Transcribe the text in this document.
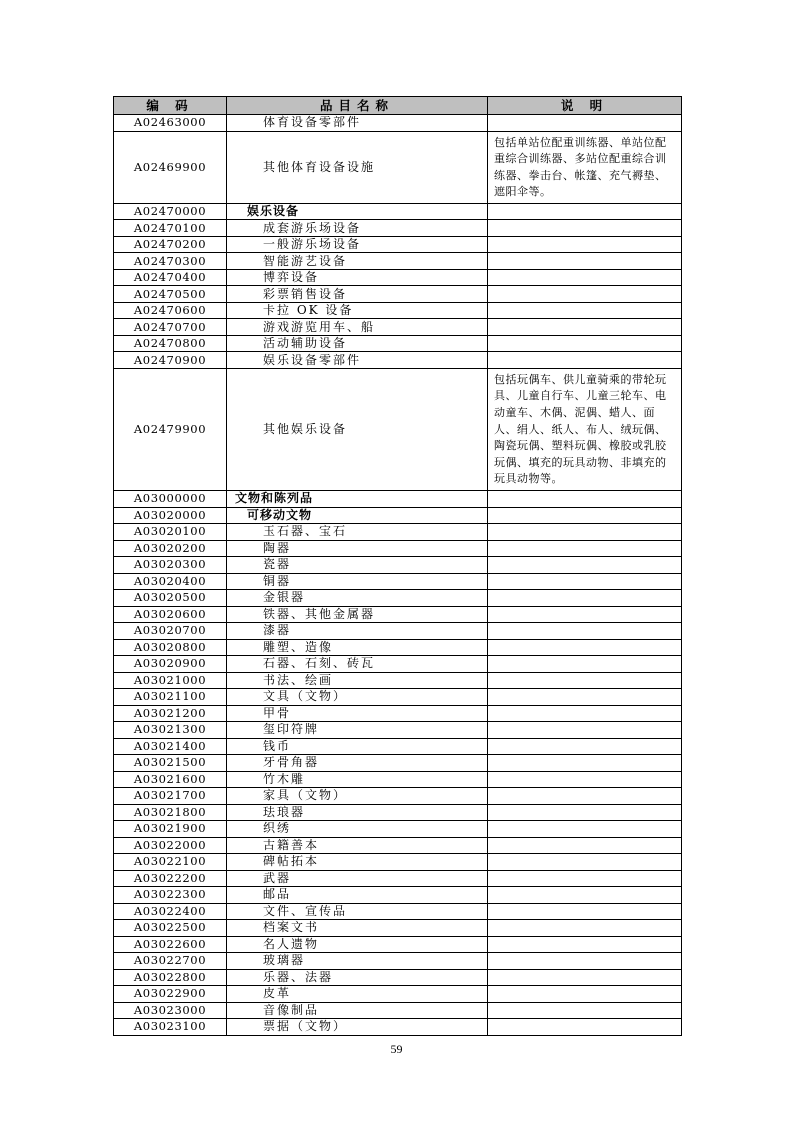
编 码	品目名称	说 明
A02463000	体育设备零部件	
A02469900	其他体育设备设施	包括单站位配重训练器、单站位配重综合训练器、多站位配重综合训练器、拳击台、帐篷、充气褥垫、遮阳伞等。
A02470000	娱乐设备	
A02470100	成套游乐场设备	
A02470200	一般游乐场设备	
A02470300	智能游艺设备	
A02470400	博弈设备	
A02470500	彩票销售设备	
A02470600	卡拉 OK 设备	
A02470700	游戏游览用车、船	
A02470800	活动辅助设备	
A02470900	娱乐设备零部件	
A02479900	其他娱乐设备	包括玩偶车、供儿童骑乘的带轮玩具、儿童自行车、儿童三轮车、电动童车、木偶、泥偶、蜡人、面人、绢人、纸人、布人、绒玩偶、陶瓷玩偶、塑料玩偶、橡胶或乳胶玩偶、填充的玩具动物、非填充的玩具动物等。
A03000000	文物和陈列品	
A03020000	可移动文物	
A03020100	玉石器、宝石	
A03020200	陶器	
A03020300	瓷器	
A03020400	铜器	
A03020500	金银器	
A03020600	铁器、其他金属器	
A03020700	漆器	
A03020800	雕塑、造像	
A03020900	石器、石刻、砖瓦	
A03021000	书法、绘画	
A03021100	文具（文物）	
A03021200	甲骨	
A03021300	玺印符牌	
A03021400	钱币	
A03021500	牙骨角器	
A03021600	竹木雕	
A03021700	家具（文物）	
A03021800	珐琅器	
A03021900	织绣	
A03022000	古籍善本	
A03022100	碑帖拓本	
A03022200	武器	
A03022300	邮品	
A03022400	文件、宣传品	
A03022500	档案文书	
A03022600	名人遗物	
A03022700	玻璃器	
A03022800	乐器、法器	
A03022900	皮革	
A03023000	音像制品	
A03023100	票据（文物）	
59
